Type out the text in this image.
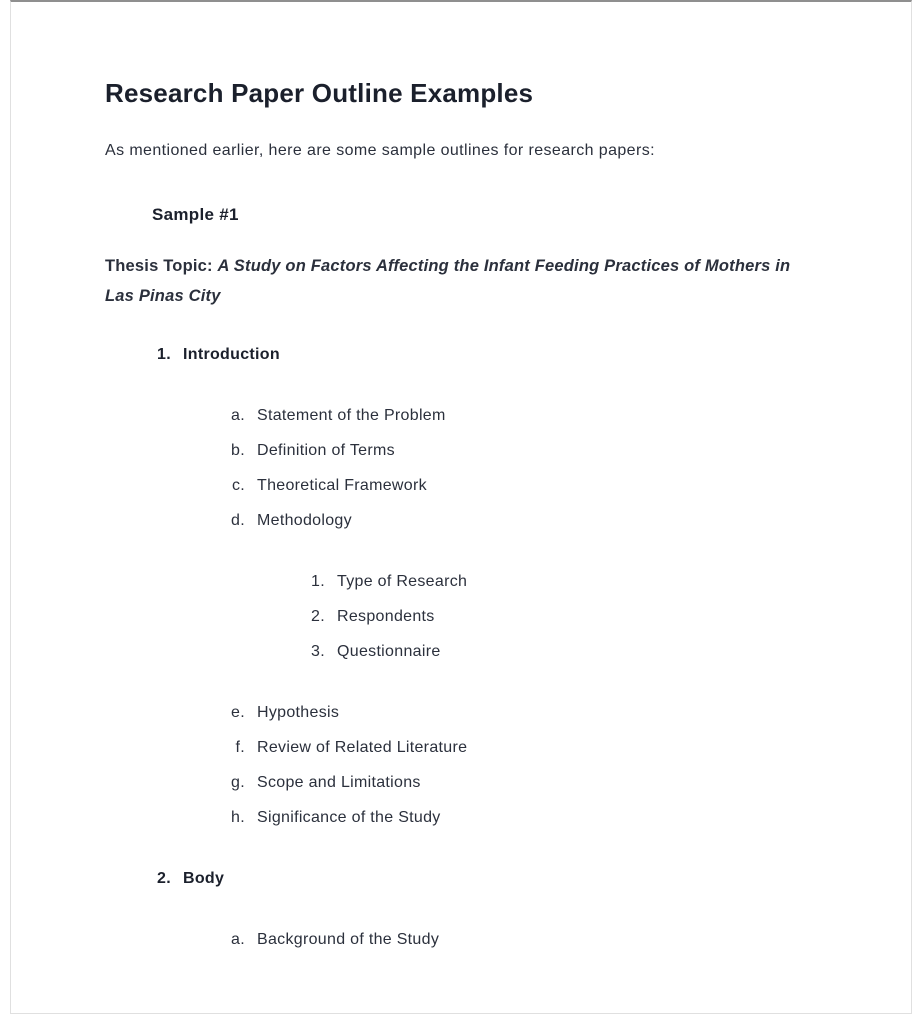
Research Paper Outline Examples

As mentioned earlier, here are some sample outlines for research papers:

Sample #1

Thesis Topic: A Study on Factors Affecting the Infant Feeding Practices of Mothers in
Las Pinas City

1. Introduction
a. Statement of the Problem
b. Definition of Terms
c. Theoretical Framework
d. Methodology
1. Type of Research
2. Respondents
3. Questionnaire
e. Hypothesis
f. Review of Related Literature
g. Scope and Limitations
h. Significance of the Study
2. Body
a. Background of the Study
